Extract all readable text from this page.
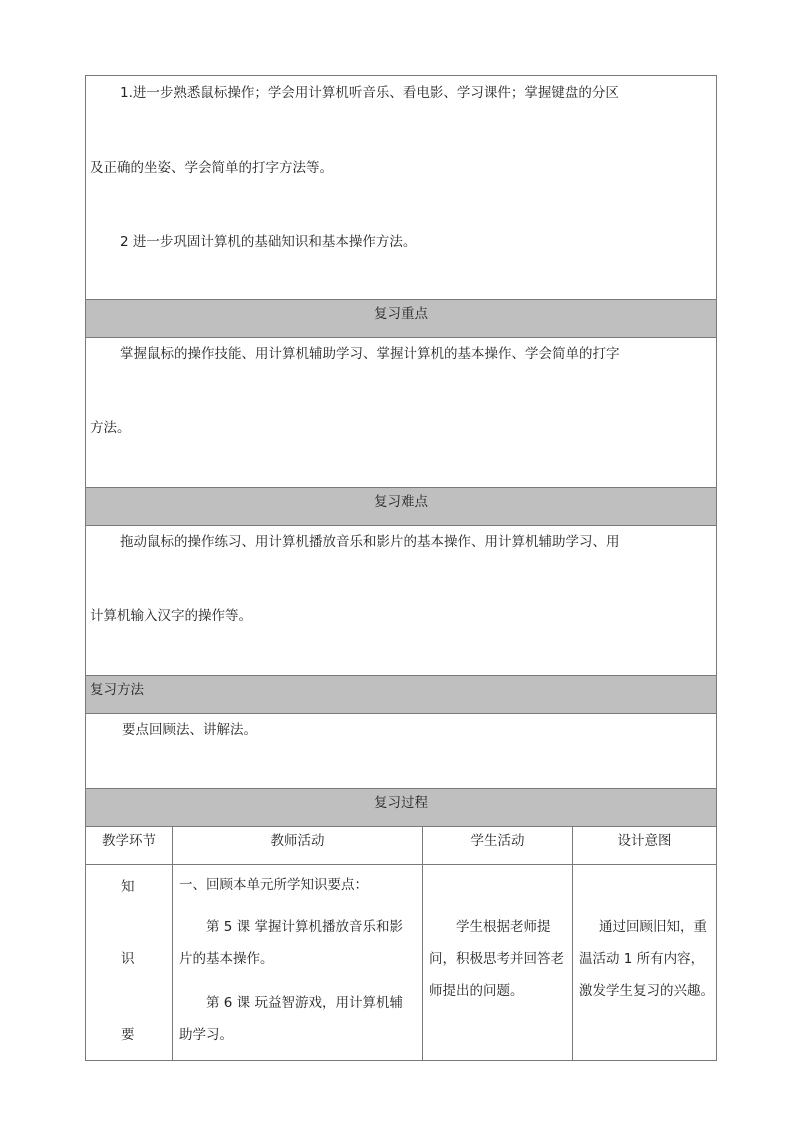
1.进一步熟悉鼠标操作；学会用计算机听音乐、看电影、学习课件；掌握键盘的分区
及正确的坐姿、学会简单的打字方法等。
2 进一步巩固计算机的基础知识和基本操作方法。			

复习重点			

掌握鼠标的操作技能、用计算机辅助学习、掌握计算机的基本操作、学会简单的打字
方法。			

复习难点			

拖动鼠标的操作练习、用计算机播放音乐和影片的基本操作、用计算机辅助学习、用
计算机输入汉字的操作等。			

复习方法			

要点回顾法、讲解法。			

复习过程			
教学环节	教师活动	学生活动	设计意图

知
识
要	一、回顾本单元所学知识要点：
第 5 课 掌握计算机播放音乐和影
片的基本操作。
第 6 课 玩益智游戏，用计算机辅
助学习。	学生根据老师提
问，积极思考并回答老
师提出的问题。	通过回顾旧知，重
温活动 1 所有内容，
激发学生复习的兴趣。
